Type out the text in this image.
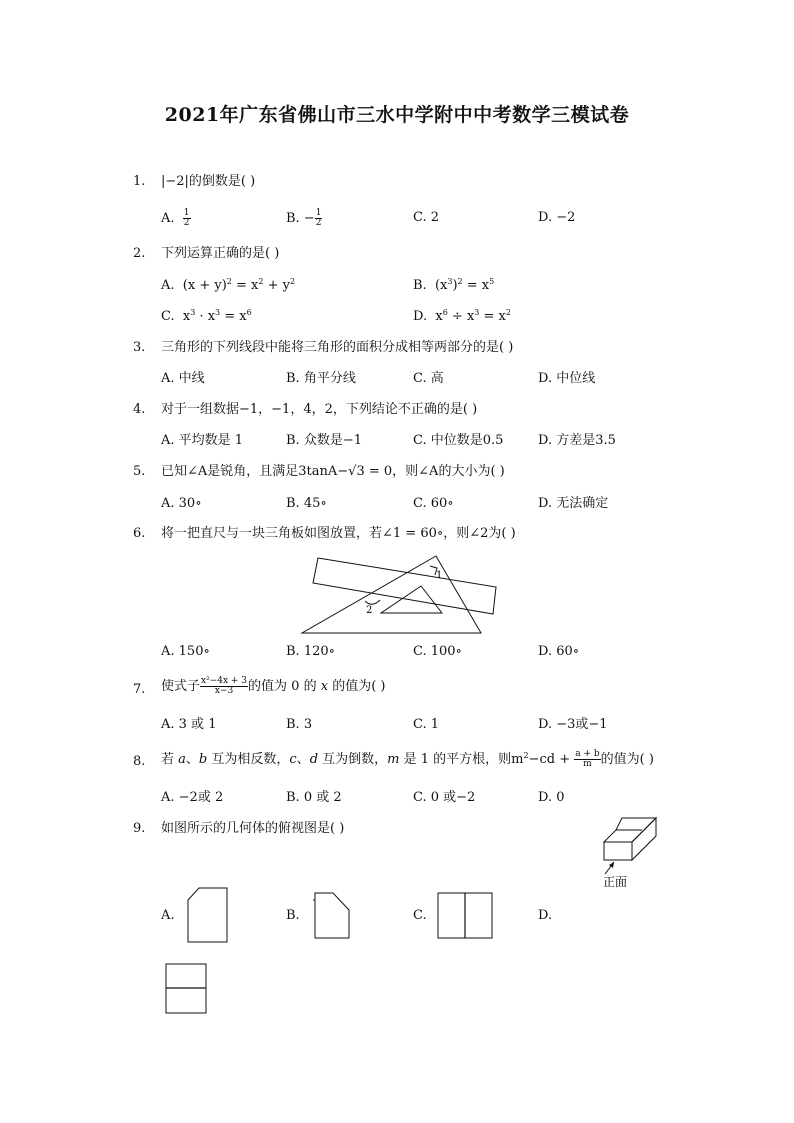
2021年广东省佛山市三水中学附中中考数学三模试卷
1. |−2|的倒数是( )
A. $\frac{1}{2}$	B. − $\frac{1}{2}$	C. 2	D. −2
2. 下列运算正确的是( )
A.  $(x + y)^2 = x^2 + y^2$	B.  $(x^3)^2 = x^5$
C.  $x^3 \cdot x^3 = x^6$	D.  $x^6 \div x^3 = x^2$
3. 三角形的下列线段中能将三角形的面积分成相等两部分的是( )
A. 中线	B. 角平分线	C. 高	D. 中位线
4. 对于一组数据−1，−1，4，2，下列结论不正确的是( )
A. 平均数是 1	B. 众数是−1	C. 中位数是0.5	D. 方差是3.5
5. 已知∠A是锐角，且满足3tanA−√3 = 0，则∠A的大小为( )
A. 30∘	B. 45∘	C. 60∘	D. 无法确定
6. 将一把直尺与一块三角板如图放置，若∠1 = 60∘，则∠2为( )
1
2
A. 150∘	B. 120∘	C. 100∘	D. 60∘
7. 使式子 $\frac{\text{x²−4x + 3}}{x-3}$ 的值为 0 的 x 的值为( )
A. 3 或 1	B. 3	C. 1	D. −3或−1
8. 若 a、b 互为相反数，c、d 互为倒数，m 是 1 的平方根，则$m^2-cd + \frac{a + b}{m}$ 的值为( )
A. −2或 2	B. 0 或 2	C. 0 或−2	D. 0
9. 如图所示的几何体的俯视图是( )
正面
A.	B.	C.	D.
